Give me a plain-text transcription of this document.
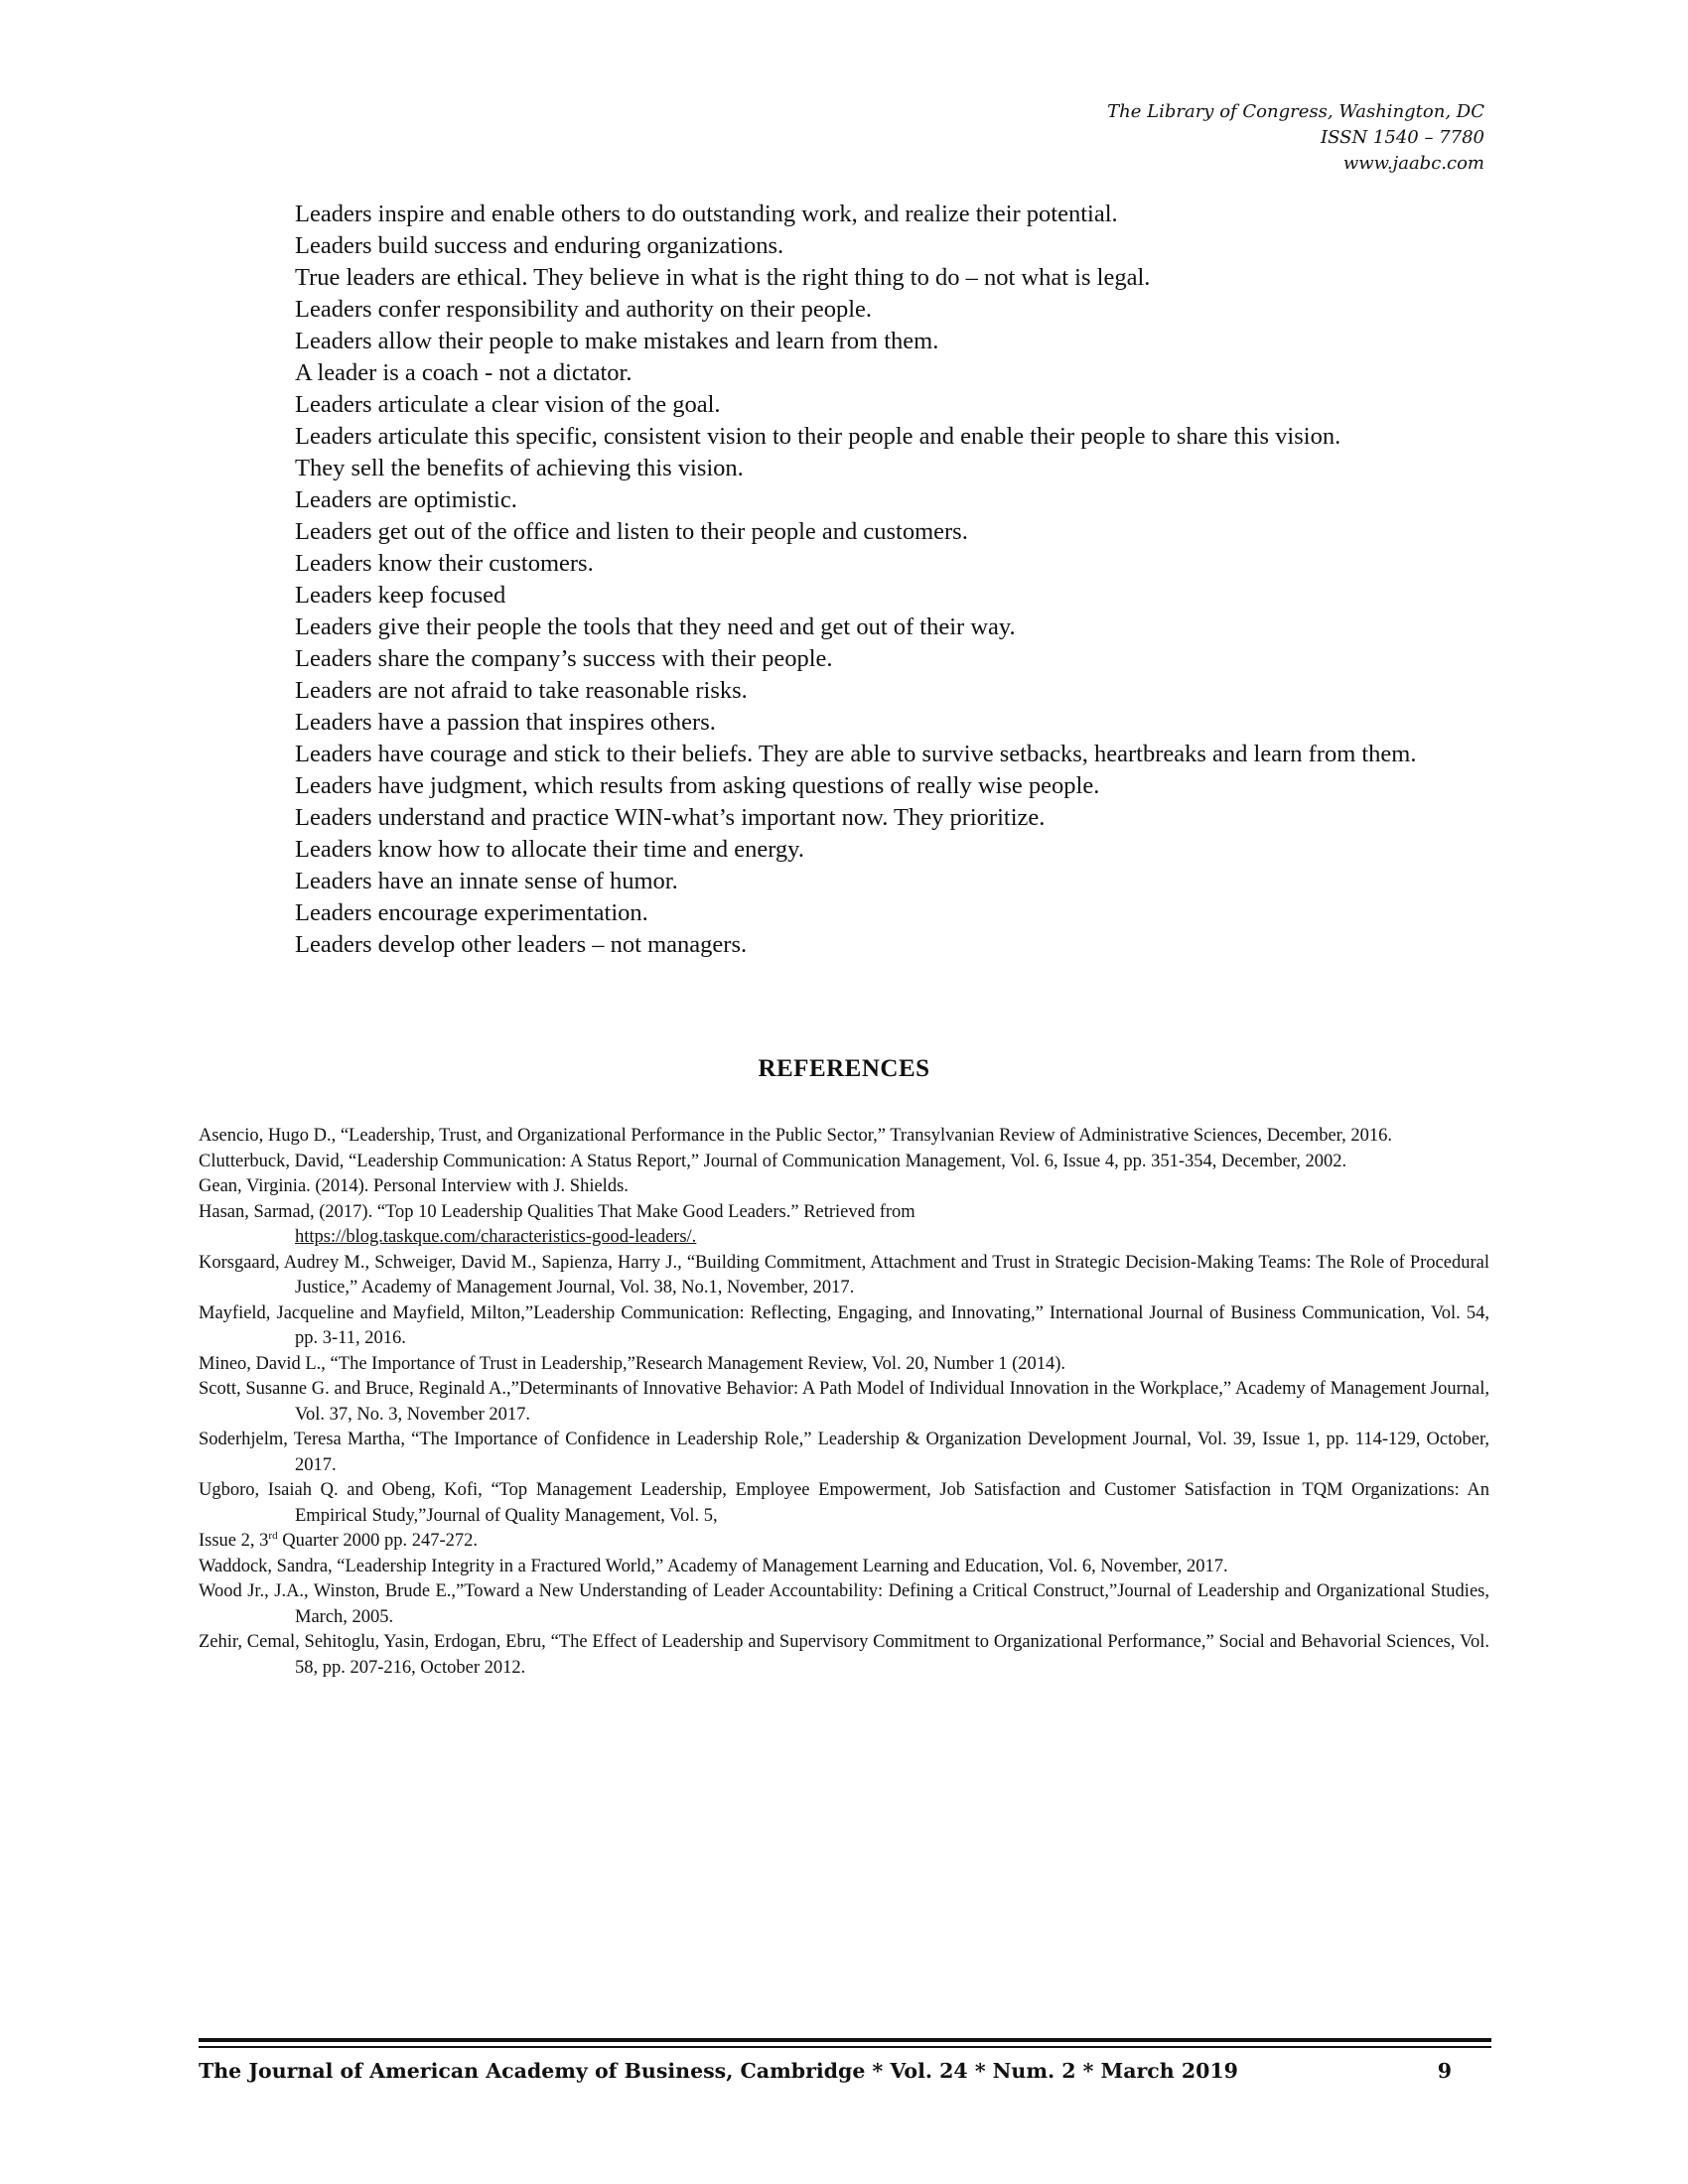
The Library of Congress, Washington, DC
ISSN 1540 – 7780
www.jaabc.com

Leaders inspire and enable others to do outstanding work, and realize their potential.

Leaders build success and enduring organizations.

True leaders are ethical. They believe in what is the right thing to do – not what is legal.

Leaders confer responsibility and authority on their people.

Leaders allow their people to make mistakes and learn from them.

A leader is a coach - not a dictator.

Leaders articulate a clear vision of the goal.

Leaders articulate this specific, consistent vision to their people and enable their people to share this vision.

They sell the benefits of achieving this vision.

Leaders are optimistic.

Leaders get out of the office and listen to their people and customers.

Leaders know their customers.

Leaders keep focused

Leaders give their people the tools that they need and get out of their way.

Leaders share the company’s success with their people.

Leaders are not afraid to take reasonable risks.

Leaders have a passion that inspires others.

Leaders have courage and stick to their beliefs. They are able to survive setbacks, heartbreaks and learn from them.

Leaders have judgment, which results from asking questions of really wise people.

Leaders understand and practice WIN-what’s important now. They prioritize.

Leaders know how to allocate their time and energy.

Leaders have an innate sense of humor.

Leaders encourage experimentation.

Leaders develop other leaders – not managers.

REFERENCES

Asencio, Hugo D., “Leadership, Trust, and Organizational Performance in the Public Sector,” Transylvanian Review of Administrative Sciences, December, 2016.

Clutterbuck, David, “Leadership Communication: A Status Report,” Journal of Communication Management, Vol. 6, Issue 4, pp. 351-354, December, 2002.

Gean, Virginia. (2014). Personal Interview with J. Shields.

Hasan, Sarmad, (2017). “Top 10 Leadership Qualities That Make Good Leaders.” Retrieved from
https://blog.taskque.com/characteristics-good-leaders/.

Korsgaard, Audrey M., Schweiger, David M., Sapienza, Harry J., “Building Commitment, Attachment and Trust in Strategic Decision-Making Teams: The Role of Procedural Justice,” Academy of Management Journal, Vol. 38, No.1, November, 2017.

Mayfield, Jacqueline and Mayfield, Milton,”Leadership Communication: Reflecting, Engaging, and Innovating,” International Journal of Business Communication, Vol. 54, pp. 3-11, 2016.

Mineo, David L., “The Importance of Trust in Leadership,”Research Management Review, Vol. 20, Number 1 (2014).

Scott, Susanne G. and Bruce, Reginald A.,”Determinants of Innovative Behavior: A Path Model of Individual Innovation in the Workplace,” Academy of Management Journal, Vol. 37, No. 3, November 2017.

Soderhjelm, Teresa Martha, “The Importance of Confidence in Leadership Role,” Leadership & Organization Development Journal, Vol. 39, Issue 1, pp. 114-129, October, 2017.

Ugboro, Isaiah Q. and Obeng, Kofi, “Top Management Leadership, Employee Empowerment, Job Satisfaction and Customer Satisfaction in TQM Organizations: An Empirical Study,”Journal of Quality Management, Vol. 5,

Issue 2, 3rd Quarter 2000 pp. 247-272.

Waddock, Sandra, “Leadership Integrity in a Fractured World,” Academy of Management Learning and Education, Vol. 6, November, 2017.

Wood Jr., J.A., Winston, Brude E.,”Toward a New Understanding of Leader Accountability: Defining a Critical Construct,”Journal of Leadership and Organizational Studies, March, 2005.

Zehir, Cemal, Sehitoglu, Yasin, Erdogan, Ebru, “The Effect of Leadership and Supervisory Commitment to Organizational Performance,” Social and Behavorial Sciences, Vol. 58, pp. 207-216, October 2012.

The Journal of American Academy of Business, Cambridge * Vol. 24 * Num. 2 * March 2019	9
